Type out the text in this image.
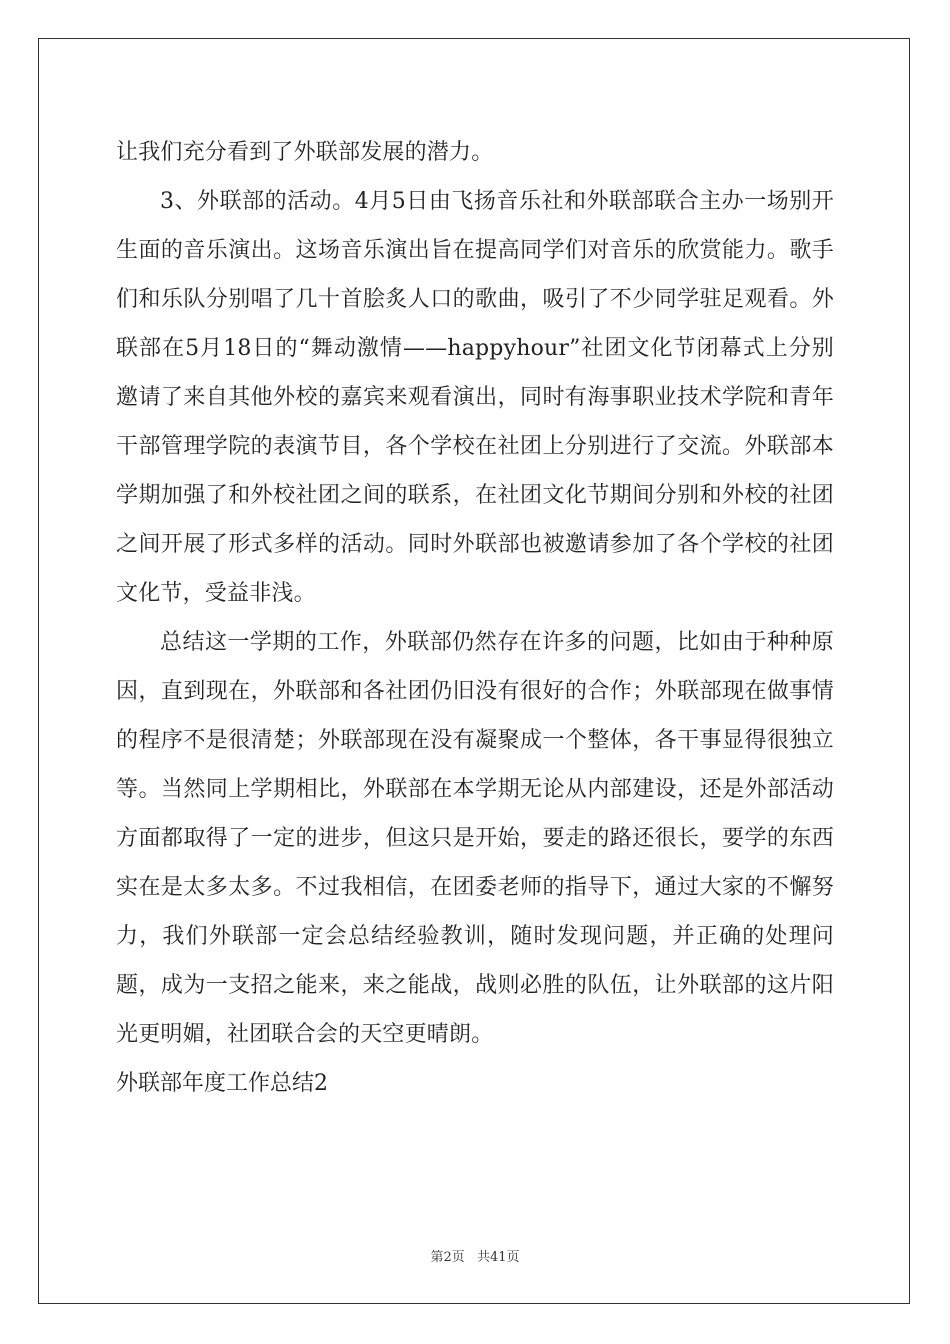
让我们充分看到了外联部发展的潜力。

3、外联部的活动。4月5日由飞扬音乐社和外联部联合主办一场别开生面的音乐演出。这场音乐演出旨在提高同学们对音乐的欣赏能力。歌手们和乐队分别唱了几十首脍炙人口的歌曲，吸引了不少同学驻足观看。外联部在5月18日的“舞动激情——happyhour”社团文化节闭幕式上分别邀请了来自其他外校的嘉宾来观看演出，同时有海事职业技术学院和青年干部管理学院的表演节目，各个学校在社团上分别进行了交流。外联部本学期加强了和外校社团之间的联系，在社团文化节期间分别和外校的社团之间开展了形式多样的活动。同时外联部也被邀请参加了各个学校的社团文化节，受益非浅。

总结这一学期的工作，外联部仍然存在许多的问题，比如由于种种原因，直到现在，外联部和各社团仍旧没有很好的合作；外联部现在做事情的程序不是很清楚；外联部现在没有凝聚成一个整体，各干事显得很独立等。当然同上学期相比，外联部在本学期无论从内部建设，还是外部活动方面都取得了一定的进步，但这只是开始，要走的路还很长，要学的东西实在是太多太多。不过我相信，在团委老师的指导下，通过大家的不懈努力，我们外联部一定会总结经验教训，随时发现问题，并正确的处理问题，成为一支招之能来，来之能战，战则必胜的队伍，让外联部的这片阳光更明媚，社团联合会的天空更晴朗。

外联部年度工作总结2

第2页 共41页
